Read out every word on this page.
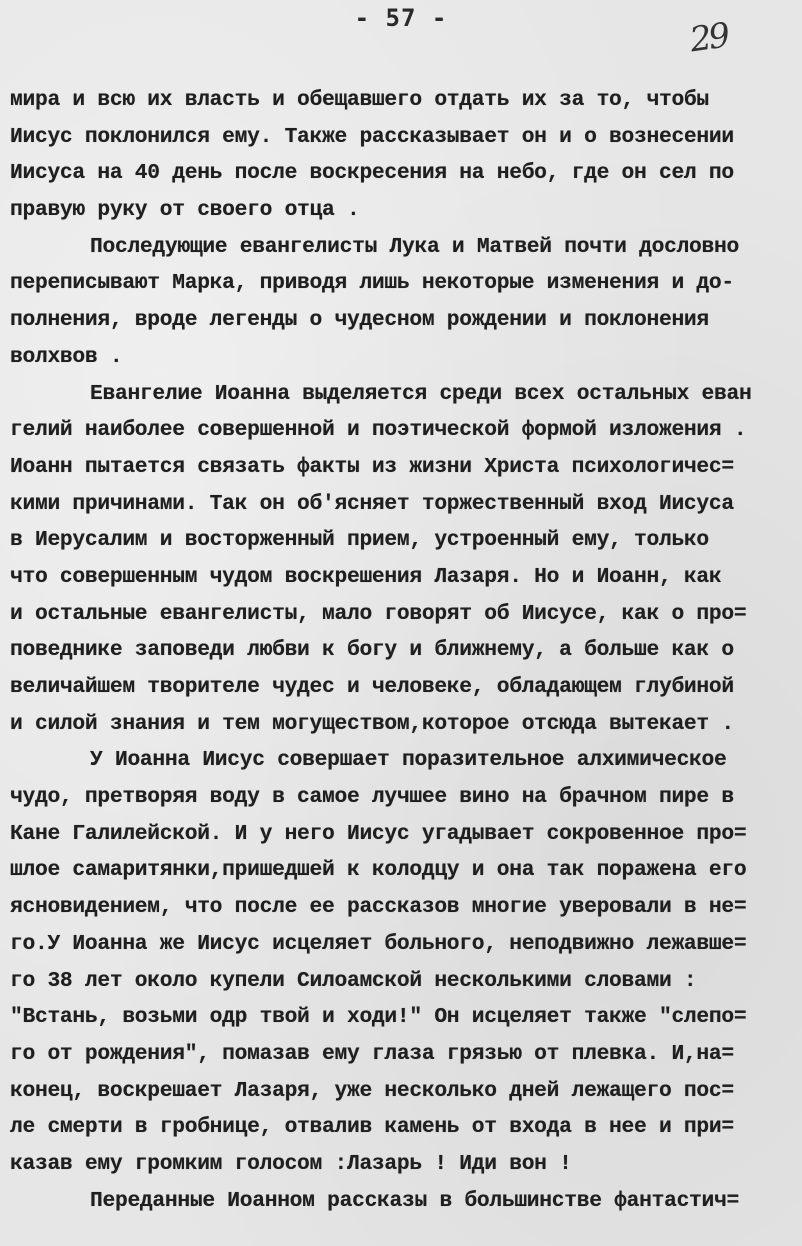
- 57 -	29
мира и всю их власть и обещавшего отдать их за то, чтобы
Иисус поклонился ему. Также рассказывает он и о вознесении
Иисуса на 40 день после воскресения на небо, где он сел по
правую руку от своего отца .
Последующие евангелисты Лука и Матвей почти дословно
переписывают Марка, приводя лишь некоторые изменения и до-
полнения, вроде легенды о чудесном рождении и поклонения
волхвов .
Евангелие Иоанна выделяется среди всех остальных еван
гелий наиболее совершенной и поэтической формой изложения .
Иоанн пытается связать факты из жизни Христа психологичес=
кими причинами. Так он об'ясняет торжественный вход Иисуса
в Иерусалим и восторженный прием, устроенный ему, только
что совершенным чудом воскрешения Лазаря. Но и Иоанн, как
и остальные евангелисты, мало говорят об Иисусе, как о про=
поведнике заповеди любви к богу и ближнему, а больше как о
величайшем творителе чудес и человеке, обладающем глубиной
и силой знания и тем могуществом,которое отсюда вытекает .
У Иоанна Иисус совершает поразительное алхимическое
чудо, претворяя воду в самое лучшее вино на брачном пире в
Кане Галилейской. И у него Иисус угадывает сокровенное про=
шлое самаритянки,пришедшей к колодцу и она так поражена его
ясновидением, что после ее рассказов многие уверовали в не=
го.У Иоанна же Иисус исцеляет больного, неподвижно лежавше=
го 38 лет около купели Силоамской несколькими словами :
"Встань, возьми одр твой и ходи!" Он исцеляет также "слепо=
го от рождения", помазав ему глаза грязью от плевка. И,на=
конец, воскрешает Лазаря, уже несколько дней лежащего пос=
ле смерти в гробнице, отвалив камень от входа в нее и при=
казав ему громким голосом :Лазарь ! Иди вон !
Переданные Иоанном рассказы в большинстве фантастич=
